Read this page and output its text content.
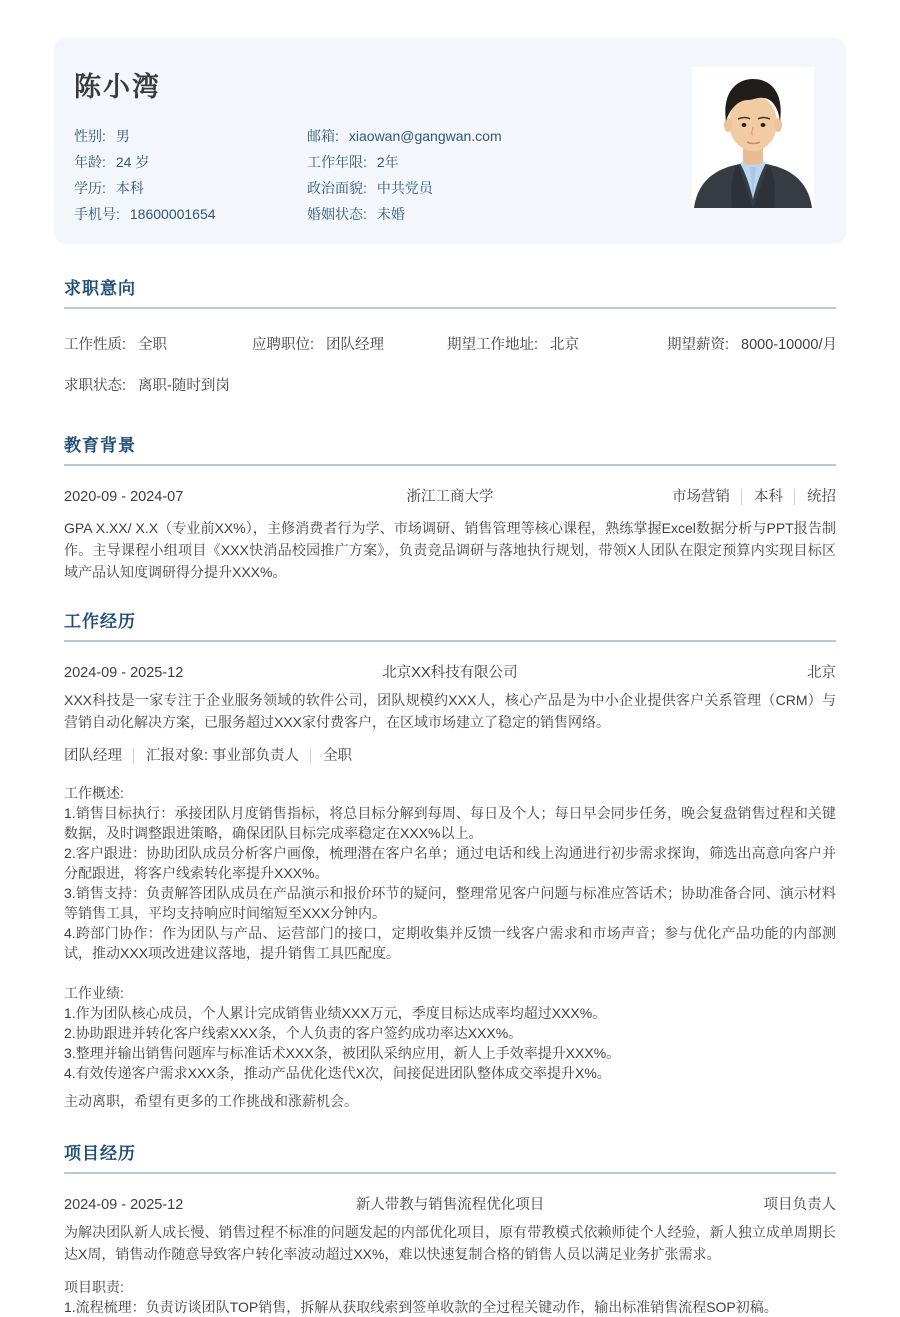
陈小湾
性别: 男
年龄: 24 岁
学历: 本科
手机号: 18600001654
邮箱: xiaowan@gangwan.com
工作年限: 2年
政治面貌: 中共党员
婚姻状态: 未婚
求职意向
工作性质: 全职	应聘职位: 团队经理	期望工作地址: 北京	期望薪资: 8000-10000/月
求职状态: 离职-随时到岗
教育背景
2020-09 - 2024-07	浙江工商大学	市场营销 本科 统招

GPA X.XX/ X.X（专业前XX%），主修消费者行为学、市场调研、销售管理等核心课程，熟练掌握Excel数据分析与PPT报告制作。主导课程小组项目《XXX快消品校园推广方案》，负责竞品调研与落地执行规划，带领X人团队在限定预算内实现目标区域产品认知度调研得分提升XXX%。

工作经历
2024-09 - 2025-12	北京XX科技有限公司	北京

XXX科技是一家专注于企业服务领域的软件公司，团队规模约XXX人，核心产品是为中小企业提供客户关系管理（CRM）与营销自动化解决方案，已服务超过XXX家付费客户，在区域市场建立了稳定的销售网络。

团队经理 汇报对象: 事业部负责人 全职
工作概述:
1.销售目标执行：承接团队月度销售指标，将总目标分解到每周、每日及个人；每日早会同步任务，晚会复盘销售过程和关键数据，及时调整跟进策略，确保团队目标完成率稳定在XXX%以上。
2.客户跟进：协助团队成员分析客户画像，梳理潜在客户名单；通过电话和线上沟通进行初步需求探询，筛选出高意向客户并分配跟进，将客户线索转化率提升XXX%。
3.销售支持：负责解答团队成员在产品演示和报价环节的疑问，整理常见客户问题与标准应答话术；协助准备合同、演示材料等销售工具，平均支持响应时间缩短至XXX分钟内。
4.跨部门协作：作为团队与产品、运营部门的接口，定期收集并反馈一线客户需求和市场声音；参与优化产品功能的内部测试，推动XXX项改进建议落地，提升销售工具匹配度。
工作业绩:
1.作为团队核心成员，个人累计完成销售业绩XXX万元，季度目标达成率均超过XXX%。
2.协助跟进并转化客户线索XXX条，个人负责的客户签约成功率达XXX%。
3.整理并输出销售问题库与标准话术XXX条，被团队采纳应用，新人上手效率提升XXX%。
4.有效传递客户需求XXX条，推动产品优化迭代X次，间接促进团队整体成交率提升X%。

主动离职，希望有更多的工作挑战和涨薪机会。

项目经历
2024-09 - 2025-12	新人带教与销售流程优化项目	项目负责人

为解决团队新人成长慢、销售过程不标准的问题发起的内部优化项目，原有带教模式依赖师徒个人经验，新人独立成单周期长达X周，销售动作随意导致客户转化率波动超过XX%，难以快速复制合格的销售人员以满足业务扩张需求。

项目职责:
1.流程梳理：负责访谈团队TOP销售，拆解从获取线索到签单收款的全过程关键动作，输出标准销售流程SOP初稿。
